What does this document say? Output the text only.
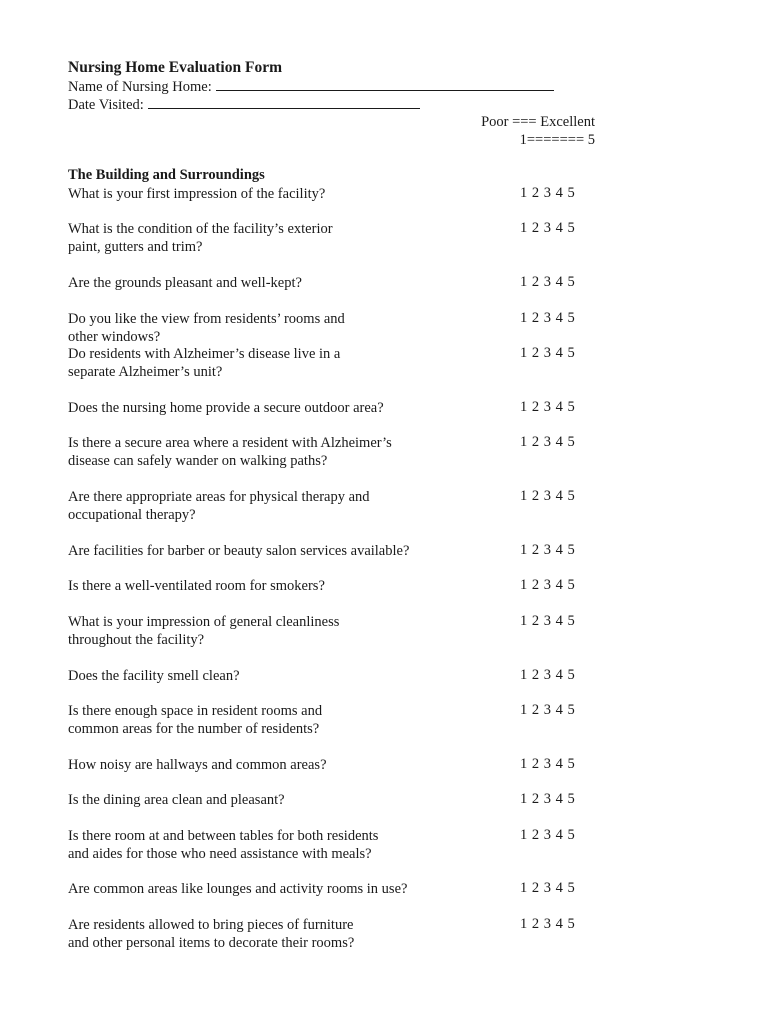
Nursing Home Evaluation Form
Name of Nursing Home:
Date Visited:
Poor === Excellent
1======= 5
The Building and Surroundings
What is your first impression of the facility?	1 2 3 4 5
What is the condition of the facility’s exterior
paint, gutters and trim?
1 2 3 4 5
Are the grounds pleasant and well-kept?	1 2 3 4 5
Do you like the view from residents’ rooms and
other windows?
1 2 3 4 5
Do residents with Alzheimer’s disease live in a
separate Alzheimer’s unit?
1 2 3 4 5
Does the nursing home provide a secure outdoor area?	1 2 3 4 5
Is there a secure area where a resident with Alzheimer’s
disease can safely wander on walking paths?
1 2 3 4 5
Are there appropriate areas for physical therapy and
occupational therapy?
1 2 3 4 5
Are facilities for barber or beauty salon services available?	1 2 3 4 5
Is there a well-ventilated room for smokers?	1 2 3 4 5
What is your impression of general cleanliness
throughout the facility?
1 2 3 4 5
Does the facility smell clean?	1 2 3 4 5
Is there enough space in resident rooms and
common areas for the number of residents?
1 2 3 4 5
How noisy are hallways and common areas?	1 2 3 4 5
Is the dining area clean and pleasant?	1 2 3 4 5
Is there room at and between tables for both residents
and aides for those who need assistance with meals?
1 2 3 4 5
Are common areas like lounges and activity rooms in use?	1 2 3 4 5
Are residents allowed to bring pieces of furniture
and other personal items to decorate their rooms?
1 2 3 4 5
